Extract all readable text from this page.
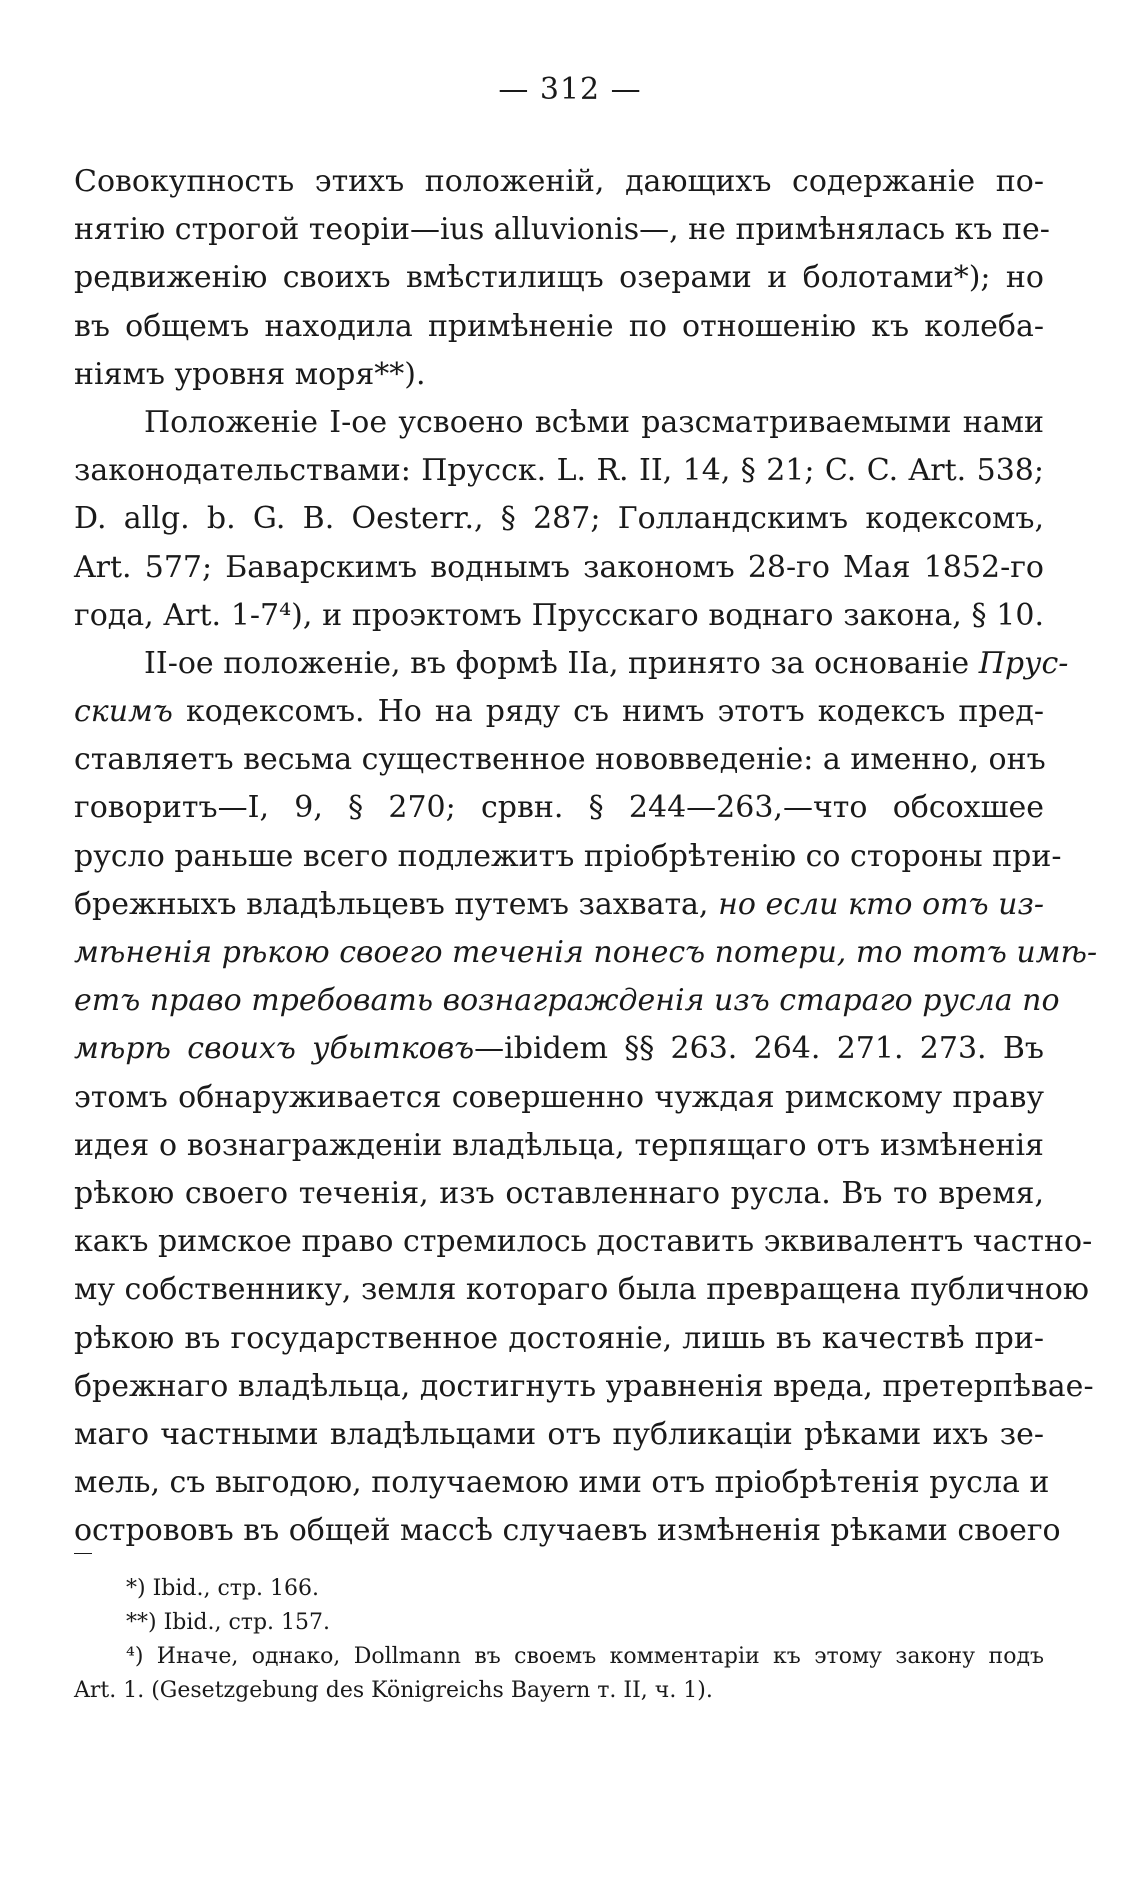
— 312 —
Совокупность этихъ положенiй, дающихъ содержанiе по-
нятiю строгой теорiи—ius alluvionis—, не примѣнялась къ пе-
редвиженiю своихъ вмѣстилищъ озерами и болотами*); но
въ общемъ находила примѣненiе по отношенiю къ колеба-
нiямъ уровня моря**).
Положенiе I-ое усвоено всѣми разсматриваемыми нами
законодательствами: Прусск. L. R. II, 14, § 21; C. C. Art. 538;
D. allg. b. G. B. Oesterr., § 287; Голландскимъ кодексомъ,
Art. 577; Баварскимъ воднымъ закономъ 28-го Мая 1852-го
года, Art. 1-7⁴), и проэктомъ Прусскаго воднаго закона, § 10.
II-ое положенiе, въ формѣ IIa, принято за основанiе Прус-
скимъ кодексомъ. Но на ряду съ нимъ этотъ кодексъ пред-
ставляетъ весьма существенное нововведенiе: а именно, онъ
говоритъ—I, 9, § 270; срвн. § 244—263,—что обсохшее
русло раньше всего подлежитъ прiобрѣтенiю со стороны при-
брежныхъ владѣльцевъ путемъ захвата, но если кто отъ из-
мѣненiя рѣкою своего теченiя понесъ потери, то тотъ имѣ-
етъ право требовать вознагражденiя изъ стараго русла по
мѣрѣ своихъ убытковъ—ibidem §§ 263. 264. 271. 273. Въ
этомъ обнаруживается совершенно чуждая римскому праву
идея о вознагражденiи владѣльца, терпящаго отъ измѣненiя
рѣкою своего теченiя, изъ оставленнаго русла. Въ то время,
какъ римское право стремилось доставить эквивалентъ частно-
му собственнику, земля котораго была превращена публичною
рѣкою въ государственное достоянiе, лишь въ качествѣ при-
брежнаго владѣльца, достигнуть уравненiя вреда, претерпѣвае-
маго частными владѣльцами отъ публикацiи рѣками ихъ зе-
мель, съ выгодою, получаемою ими отъ прiобрѣтенiя русла и
острововъ въ общей массѣ случаевъ измѣненiя рѣками своего
*) Ibid., стр. 166.
**) Ibid., стр. 157.
⁴) Иначе, однако, Dollmann въ своемъ комментарiи къ этому закону подъ
Art. 1. (Gesetzgebung des Königreichs Bayern т. II, ч. 1).
